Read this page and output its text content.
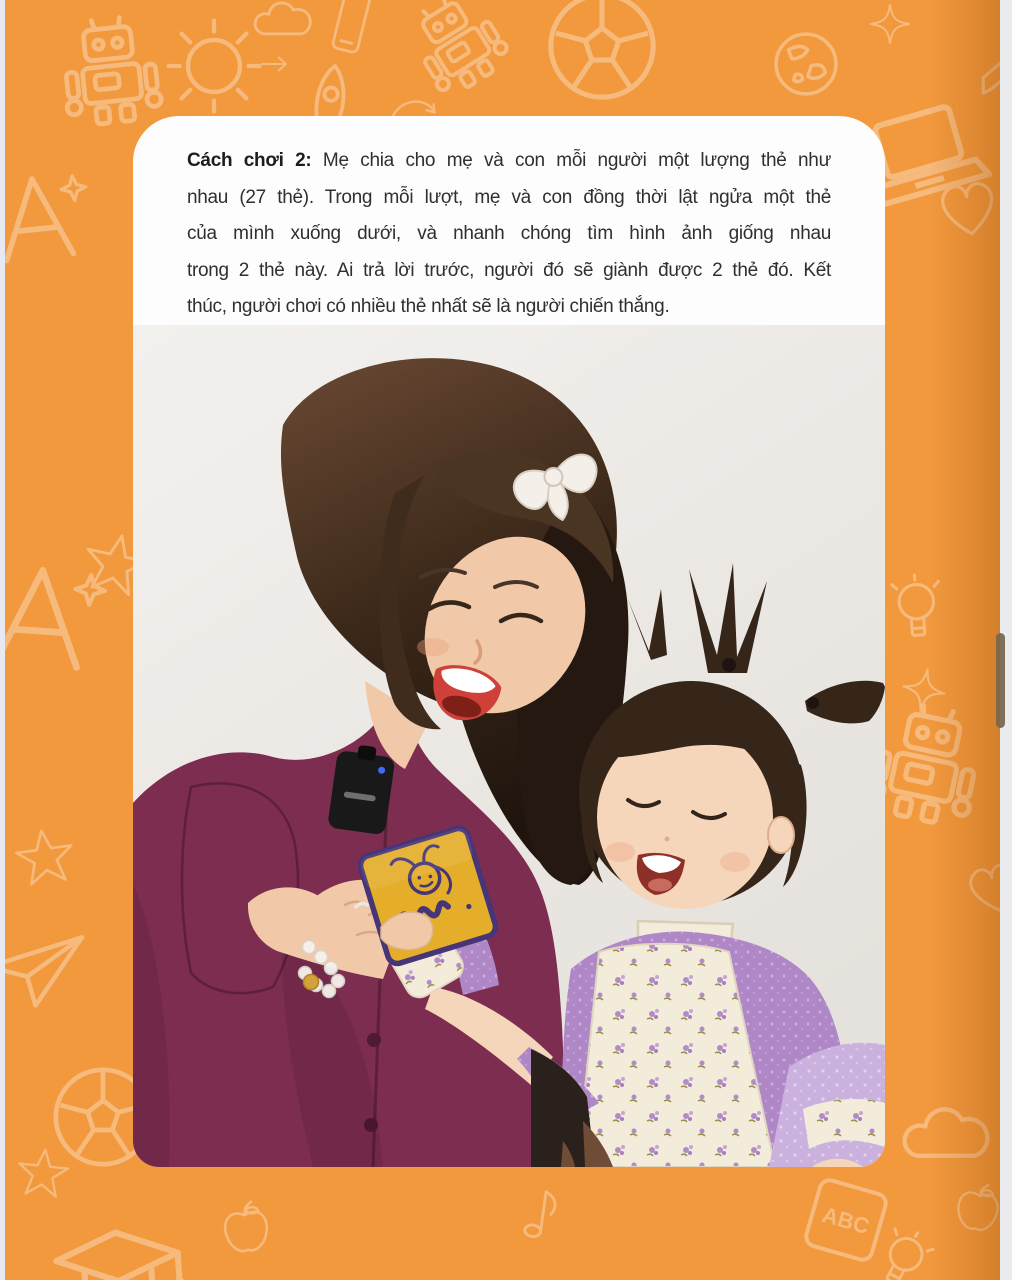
Cách chơi 2: Mẹ chia cho mẹ và con mỗi người một lượng thẻ như
nhau (27 thẻ). Trong mỗi lượt, mẹ và con đồng thời lật ngửa một thẻ
của mình xuống dưới, và nhanh chóng tìm hình ảnh giống nhau
trong 2 thẻ này. Ai trả lời trước, người đó sẽ giành được 2 thẻ đó. Kết
thúc, người chơi có nhiều thẻ nhất sẽ là người chiến thắng.
